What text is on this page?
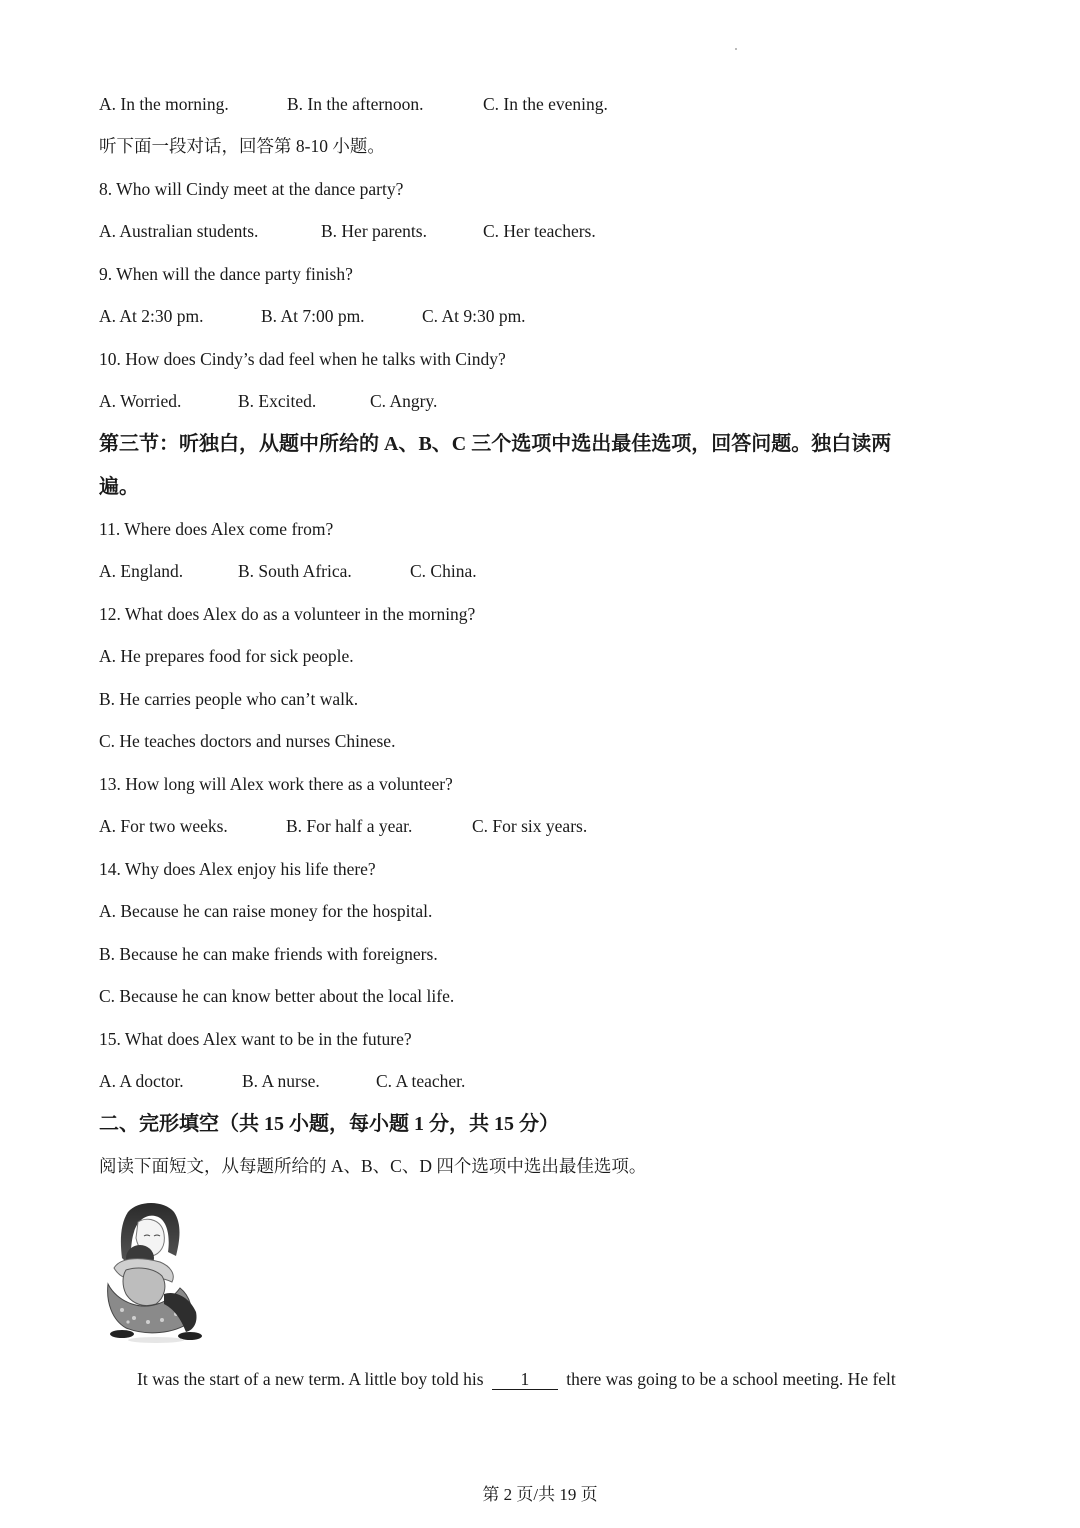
A. In the morning.	B. In the afternoon.	C. In the evening.
听下面一段对话，回答第 8-10 小题。
8. Who will Cindy meet at the dance party?
A. Australian students.	B. Her parents.	C. Her teachers.
9. When will the dance party finish?
A. At 2:30 pm.	B. At 7:00 pm.	C. At 9:30 pm.
10. How does Cindy’s dad feel when he talks with Cindy?
A. Worried.	B. Excited.	C. Angry.
第三节：听独白，从题中所给的 A、B、C 三个选项中选出最佳选项，回答问题。独白读两
遍。
11. Where does Alex come from?
A. England.	B. South Africa.	C. China.
12. What does Alex do as a volunteer in the morning?
A. He prepares food for sick people.
B. He carries people who can’t walk.
C. He teaches doctors and nurses Chinese.
13. How long will Alex work there as a volunteer?
A. For two weeks.	B. For half a year.	C. For six years.
14. Why does Alex enjoy his life there?
A. Because he can raise money for the hospital.
B. Because he can make friends with foreigners.
C. Because he can know better about the local life.
15. What does Alex want to be in the future?
A. A doctor.	B. A nurse.	C. A teacher.
二、完形填空（共 15 小题，每小题 1 分，共 15 分）
阅读下面短文，从每题所给的 A、B、C、D 四个选项中选出最佳选项。
It was the start of a new term. A little boy told his 1 there was going to be a school meeting. He felt
第 2 页/共 19 页
